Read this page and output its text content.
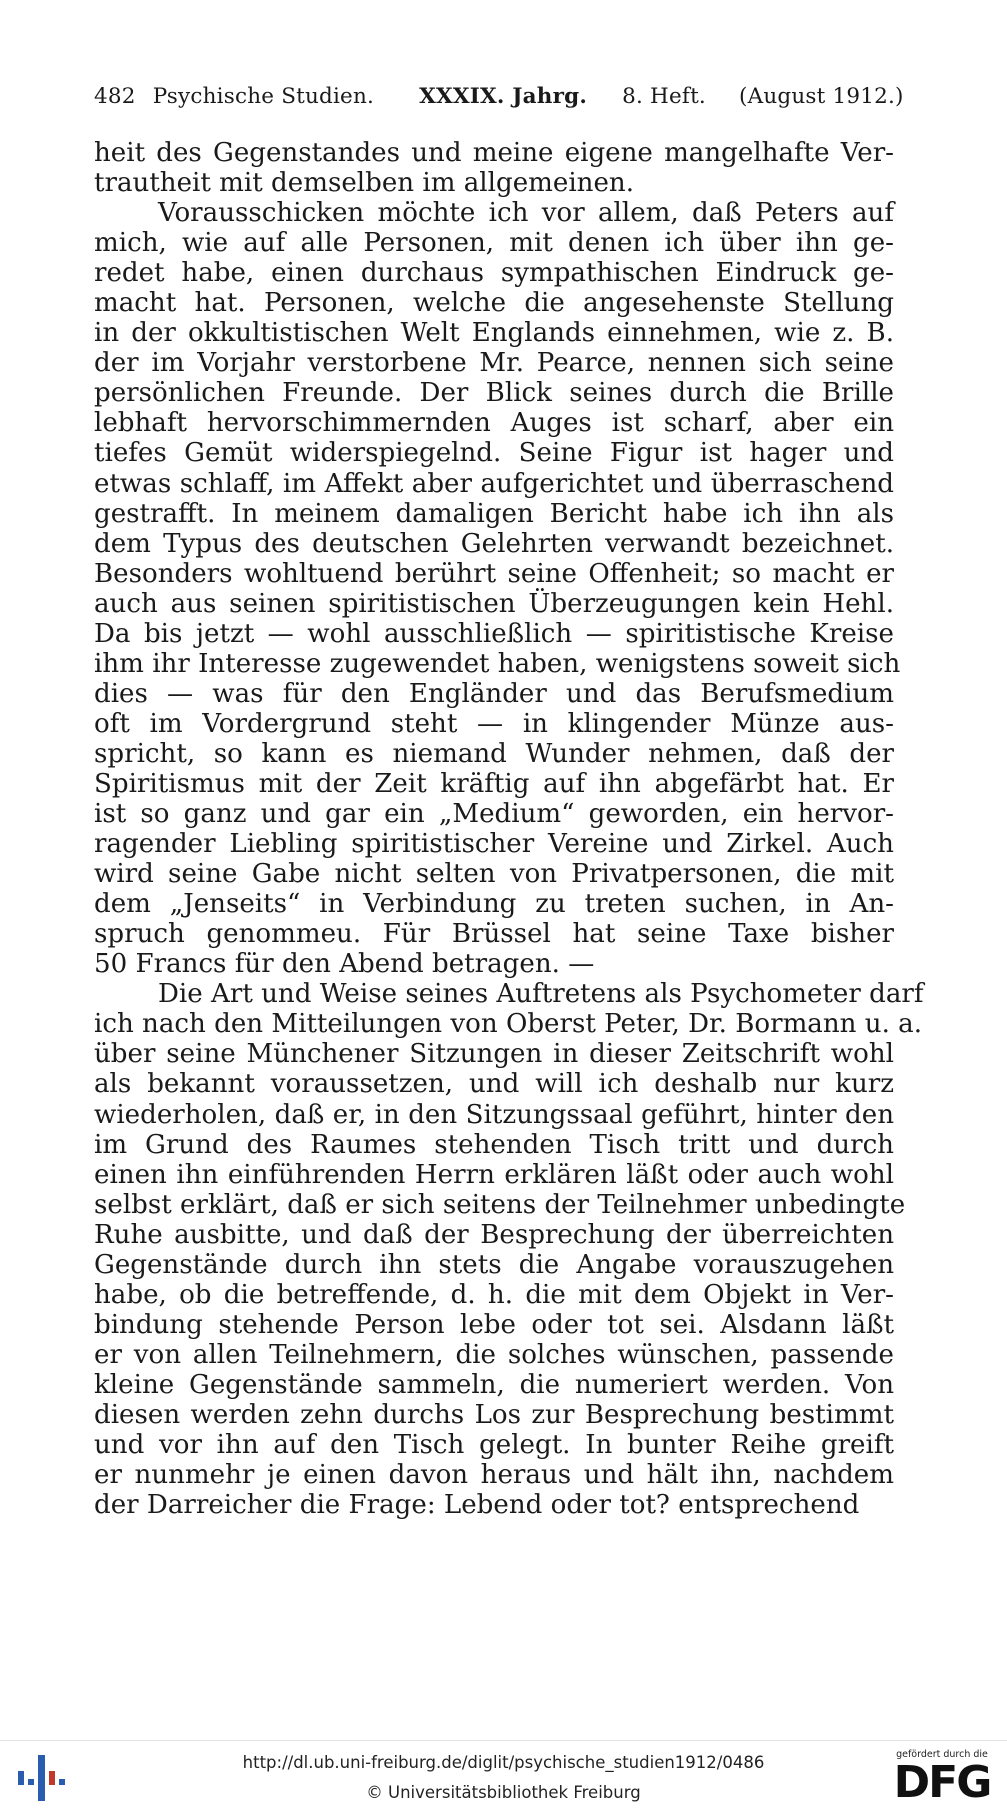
482 Psychische Studien. XXXIX. Jahrg. 8. Heft. (August 1912.)
heit des Gegenstandes und meine eigene mangelhafte Ver-
trautheit mit demselben im allgemeinen.
Vorausschicken möchte ich vor allem, daß Peters auf
mich, wie auf alle Personen, mit denen ich über ihn ge-
redet habe, einen durchaus sympathischen Eindruck ge-
macht hat. Personen, welche die angesehenste Stellung
in der okkultistischen Welt Englands einnehmen, wie z. B.
der im Vorjahr verstorbene Mr. Pearce, nennen sich seine
persönlichen Freunde. Der Blick seines durch die Brille
lebhaft hervorschimmernden Auges ist scharf, aber ein
tiefes Gemüt widerspiegelnd. Seine Figur ist hager und
etwas schlaff, im Affekt aber aufgerichtet und überraschend
gestrafft. In meinem damaligen Bericht habe ich ihn als
dem Typus des deutschen Gelehrten verwandt bezeichnet.
Besonders wohltuend berührt seine Offenheit; so macht er
auch aus seinen spiritistischen Überzeugungen kein Hehl.
Da bis jetzt — wohl ausschließlich — spiritistische Kreise
ihm ihr Interesse zugewendet haben, wenigstens soweit sich
dies — was für den Engländer und das Berufsmedium
oft im Vordergrund steht — in klingender Münze aus-
spricht, so kann es niemand Wunder nehmen, daß der
Spiritismus mit der Zeit kräftig auf ihn abgefärbt hat. Er
ist so ganz und gar ein „Medium“ geworden, ein hervor-
ragender Liebling spiritistischer Vereine und Zirkel. Auch
wird seine Gabe nicht selten von Privatpersonen, die mit
dem „Jenseits“ in Verbindung zu treten suchen, in An-
spruch genommeu. Für Brüssel hat seine Taxe bisher
50 Francs für den Abend betragen. —
Die Art und Weise seines Auftretens als Psychometer darf
ich nach den Mitteilungen von Oberst Peter, Dr. Bormann u. a.
über seine Münchener Sitzungen in dieser Zeitschrift wohl
als bekannt voraussetzen, und will ich deshalb nur kurz
wiederholen, daß er, in den Sitzungssaal geführt, hinter den
im Grund des Raumes stehenden Tisch tritt und durch
einen ihn einführenden Herrn erklären läßt oder auch wohl
selbst erklärt, daß er sich seitens der Teilnehmer unbedingte
Ruhe ausbitte, und daß der Besprechung der überreichten
Gegenstände durch ihn stets die Angabe vorauszugehen
habe, ob die betreffende, d. h. die mit dem Objekt in Ver-
bindung stehende Person lebe oder tot sei. Alsdann läßt
er von allen Teilnehmern, die solches wünschen, passende
kleine Gegenstände sammeln, die numeriert werden. Von
diesen werden zehn durchs Los zur Besprechung bestimmt
und vor ihn auf den Tisch gelegt. In bunter Reihe greift
er nunmehr je einen davon heraus und hält ihn, nachdem
der Darreicher die Frage: Lebend oder tot? entsprechend
http://dl.ub.uni-freiburg.de/diglit/psychische_studien1912/0486
© Universitätsbibliothek Freiburg
gefördert durch die
DFG
